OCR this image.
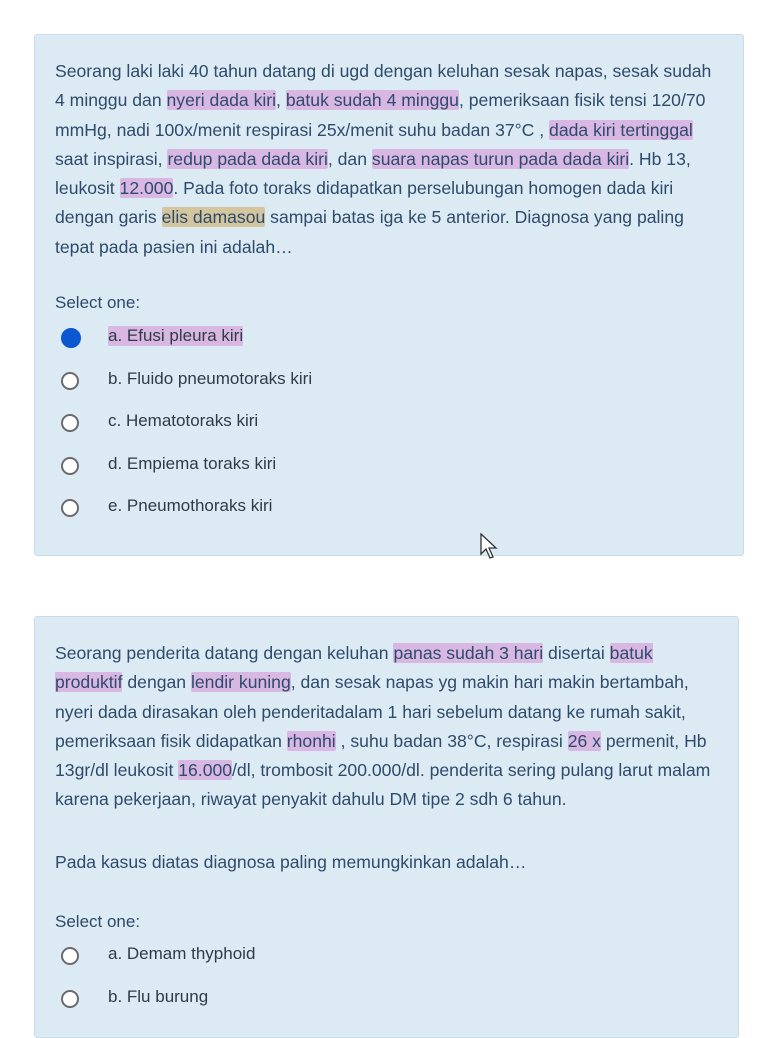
Seorang laki laki 40 tahun datang di ugd dengan keluhan sesak napas, sesak sudah 4 minggu dan nyeri dada kiri, batuk sudah 4 minggu, pemeriksaan fisik tensi 120/70 mmHg, nadi 100x/menit respirasi 25x/menit suhu badan 37°C , dada kiri tertinggal saat inspirasi, redup pada dada kiri, dan suara napas turun pada dada kiri. Hb 13, leukosit 12.000. Pada foto toraks didapatkan perselubungan homogen dada kiri dengan garis elis damasou sampai batas iga ke 5 anterior. Diagnosa yang paling tepat pada pasien ini adalah…

Select one:
a. Efusi pleura kiri
b. Fluido pneumotoraks kiri
c. Hematotoraks kiri
d. Empiema toraks kiri
e. Pneumothoraks kiri

Seorang penderita datang dengan keluhan panas sudah 3 hari disertai batuk produktif dengan lendir kuning, dan sesak napas yg makin hari makin bertambah, nyeri dada dirasakan oleh penderitadalam 1 hari sebelum datang ke rumah sakit, pemeriksaan fisik didapatkan rhonhi , suhu badan 38°C, respirasi 26 x permenit, Hb 13gr/dl leukosit 16.000/dl, trombosit 200.000/dl. penderita sering pulang larut malam karena pekerjaan, riwayat penyakit dahulu DM tipe 2 sdh 6 tahun.

Pada kasus diatas diagnosa paling memungkinkan adalah…

Select one:
a. Demam thyphoid
b. Flu burung
